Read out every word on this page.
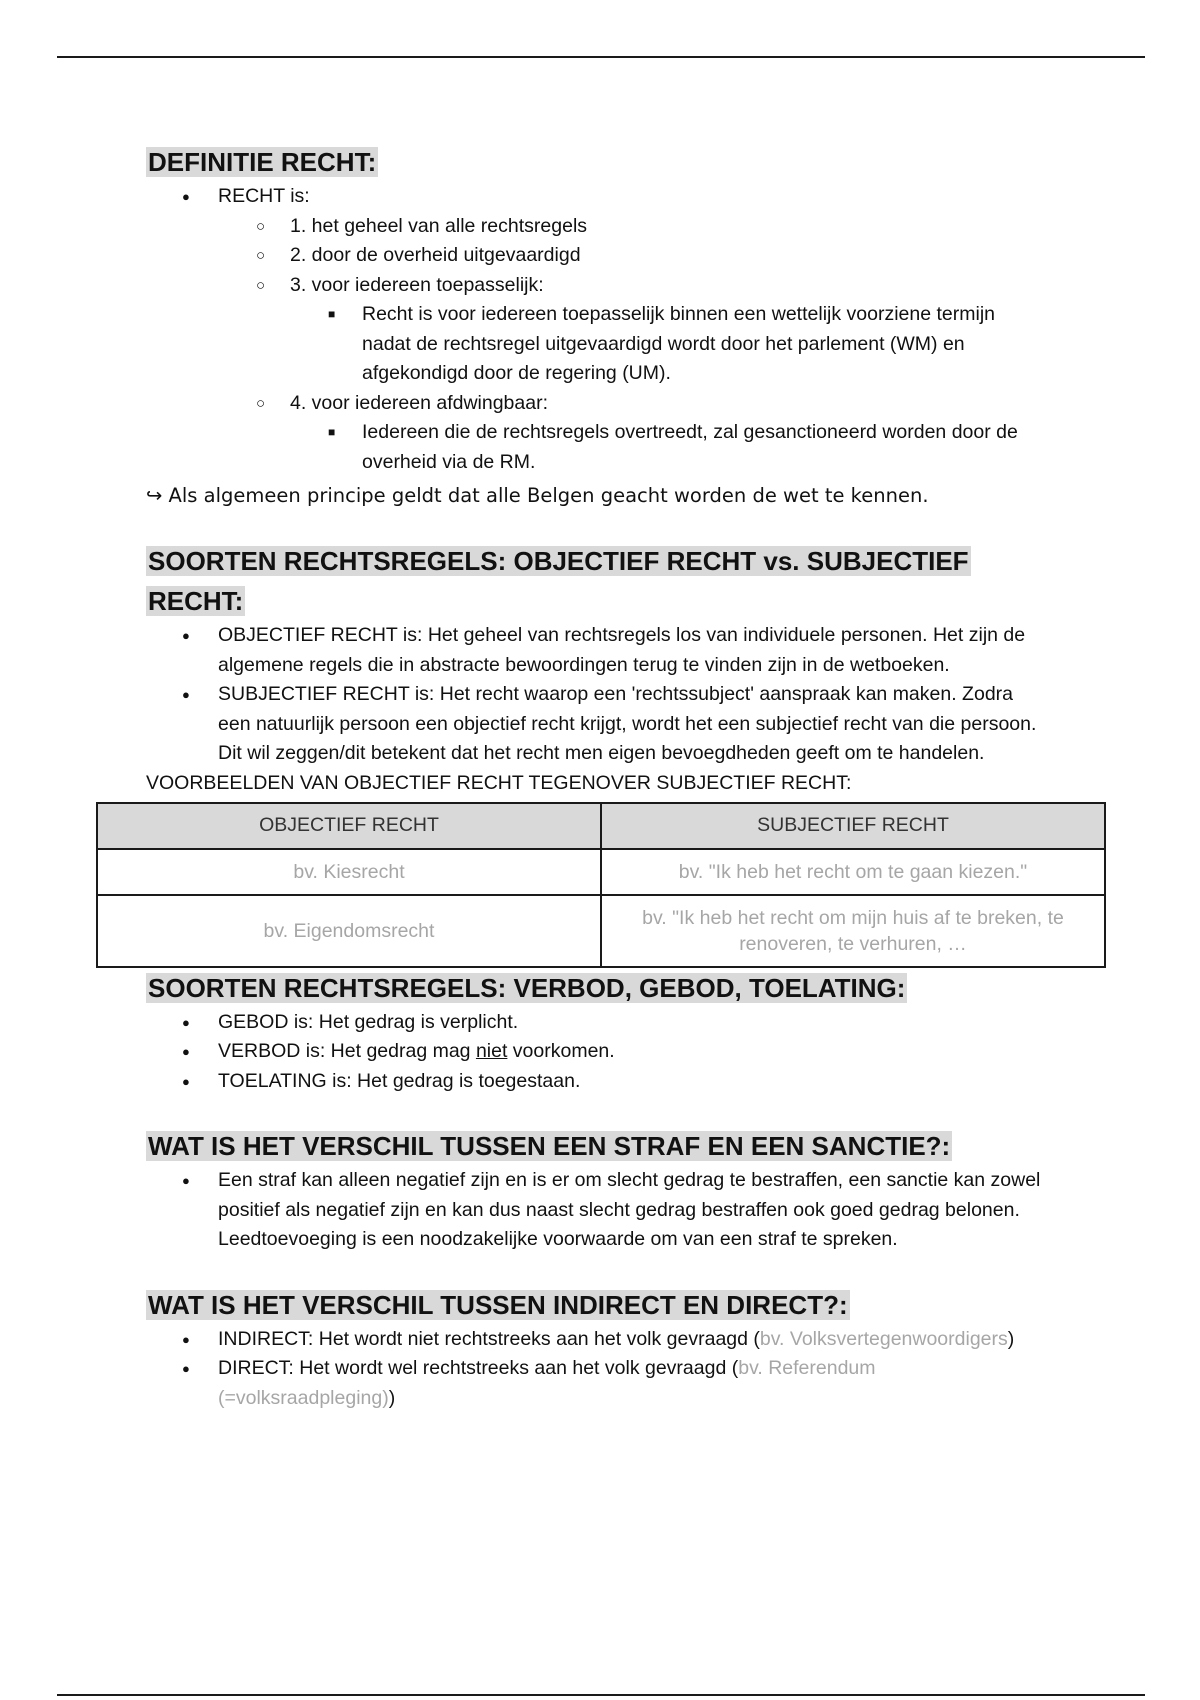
DEFINITIE RECHT:
● RECHT is:
○ 1. het geheel van alle rechtsregels
○ 2. door de overheid uitgevaardigd
○ 3. voor iedereen toepasselijk:
■ Recht is voor iedereen toepasselijk binnen een wettelijk voorziene termijn nadat de rechtsregel uitgevaardigd wordt door het parlement (WM) en afgekondigd door de regering (UM).
○ 4. voor iedereen afdwingbaar:
■ Iedereen die de rechtsregels overtreedt, zal gesanctioneerd worden door de overheid via de RM.

↪ Als algemeen principe geldt dat alle Belgen geacht worden de wet te kennen.

SOORTEN RECHTSREGELS: OBJECTIEF RECHT vs. SUBJECTIEF RECHT:
● OBJECTIEF RECHT is: Het geheel van rechtsregels los van individuele personen. Het zijn de algemene regels die in abstracte bewoordingen terug te vinden zijn in de wetboeken.
● SUBJECTIEF RECHT is: Het recht waarop een 'rechtssubject' aanspraak kan maken. Zodra een natuurlijk persoon een objectief recht krijgt, wordt het een subjectief recht van die persoon. Dit wil zeggen/dit betekent dat het recht men eigen bevoegdheden geeft om te handelen.

VOORBEELDEN VAN OBJECTIEF RECHT TEGENOVER SUBJECTIEF RECHT:

OBJECTIEF RECHT	SUBJECTIEF RECHT
bv. Kiesrecht	bv. "Ik heb het recht om te gaan kiezen."
bv. Eigendomsrecht	bv. "Ik heb het recht om mijn huis af te breken, te renoveren, te verhuren, …
SOORTEN RECHTSREGELS: VERBOD, GEBOD, TOELATING:
● GEBOD is: Het gedrag is verplicht.
● VERBOD is: Het gedrag mag niet voorkomen.
● TOELATING is: Het gedrag is toegestaan.
WAT IS HET VERSCHIL TUSSEN EEN STRAF EN EEN SANCTIE?:
● Een straf kan alleen negatief zijn en is er om slecht gedrag te bestraffen, een sanctie kan zowel positief als negatief zijn en kan dus naast slecht gedrag bestraffen ook goed gedrag belonen. Leedtoevoeging is een noodzakelijke voorwaarde om van een straf te spreken.
WAT IS HET VERSCHIL TUSSEN INDIRECT EN DIRECT?:
● INDIRECT: Het wordt niet rechtstreeks aan het volk gevraagd (bv. Volksvertegenwoordigers)
● DIRECT: Het wordt wel rechtstreeks aan het volk gevraagd (bv. Referendum (=volksraadpleging))
